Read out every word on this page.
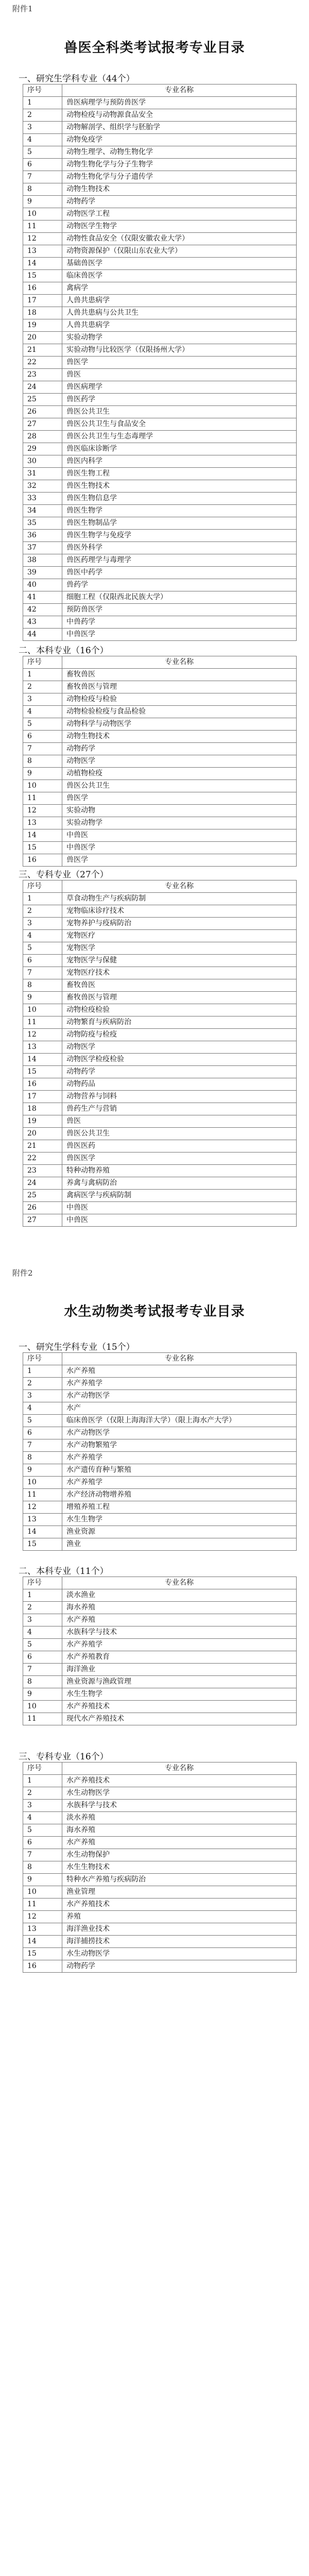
附件1
兽医全科类考试报考专业目录
一、研究生学科专业（44个）
序号	专业名称
1	兽医病理学与预防兽医学
2	动物检疫与动物源食品安全
3	动物解剖学、组织学与胚胎学
4	动物免疫学
5	动物生理学、动物生物化学
6	动物生物化学与分子生物学
7	动物生物化学与分子遗传学
8	动物生物技术
9	动物药学
10	动物医学工程
11	动物医学生物学
12	动物性食品安全（仅限安徽农业大学）
13	动物资源保护（仅限山东农业大学）
14	基础兽医学
15	临床兽医学
16	禽病学
17	人兽共患病学
18	人兽共患病与公共卫生
19	人兽共患病学
20	实验动物学
21	实验动物与比较医学（仅限扬州大学）
22	兽医学
23	兽医
24	兽医病理学
25	兽医药学
26	兽医公共卫生
27	兽医公共卫生与食品安全
28	兽医公共卫生与生态毒理学
29	兽医临床诊断学
30	兽医内科学
31	兽医生物工程
32	兽医生物技术
33	兽医生物信息学
34	兽医生物学
35	兽医生物制品学
36	兽医生物学与免疫学
37	兽医外科学
38	兽医药理学与毒理学
39	兽医中药学
40	兽药学
41	细胞工程（仅限西北民族大学）
42	预防兽医学
43	中兽药学
44	中兽医学
二、本科专业（16个）
序号	专业名称
1	畜牧兽医
2	畜牧兽医与管理
3	动物检疫与检验
4	动物检验检疫与食品检验
5	动物科学与动物医学
6	动物生物技术
7	动物药学
8	动物医学
9	动植物检疫
10	兽医公共卫生
11	兽医学
12	实验动物
13	实验动物学
14	中兽医
15	中兽医学
16	兽医学
三、专科专业（27个）
序号	专业名称
1	草食动物生产与疾病防制
2	宠物临床诊疗技术
3	宠物养护与疫病防治
4	宠物医疗
5	宠物医学
6	宠物医学与保健
7	宠物医疗技术
8	畜牧兽医
9	畜牧兽医与管理
10	动物检疫检验
11	动物繁育与疾病防治
12	动物防疫与检疫
13	动物医学
14	动物医学检疫检验
15	动物药学
16	动物药品
17	动物营养与饲料
18	兽药生产与营销
19	兽医
20	兽医公共卫生
21	兽医医药
22	兽医医学
23	特种动物养殖
24	养禽与禽病防治
25	禽病医学与疾病防制
26	中兽医
27	中兽医
附件2
水生动物类考试报考专业目录
一、研究生学科专业（15个）
序号	专业名称
1	水产养殖
2	水产养殖学
3	水产动物医学
4	水产
5	临床兽医学（仅限上海海洋大学）（限上海水产大学）
6	水产动物医学
7	水产动物繁殖学
8	水产养殖学
9	水产遗传育种与繁殖
10	水产养殖学
11	水产经济动物增养殖
12	增殖养殖工程
13	水生生物学
14	渔业资源
15	渔业
二、本科专业（11个）
序号	专业名称
1	淡水渔业
2	海水养殖
3	水产养殖
4	水族科学与技术
5	水产养殖学
6	水产养殖教育
7	海洋渔业
8	渔业资源与渔政管理
9	水生生物学
10	水产养殖技术
11	现代水产养殖技术
三、专科专业（16个）
序号	专业名称
1	水产养殖技术
2	水生动物医学
3	水族科学与技术
4	淡水养殖
5	海水养殖
6	水产养殖
7	水生动物保护
8	水生生物技术
9	特种水产养殖与疾病防治
10	渔业管理
11	水产养殖技术
12	养殖
13	海洋渔业技术
14	海洋捕捞技术
15	水生动物医学
16	动物药学
